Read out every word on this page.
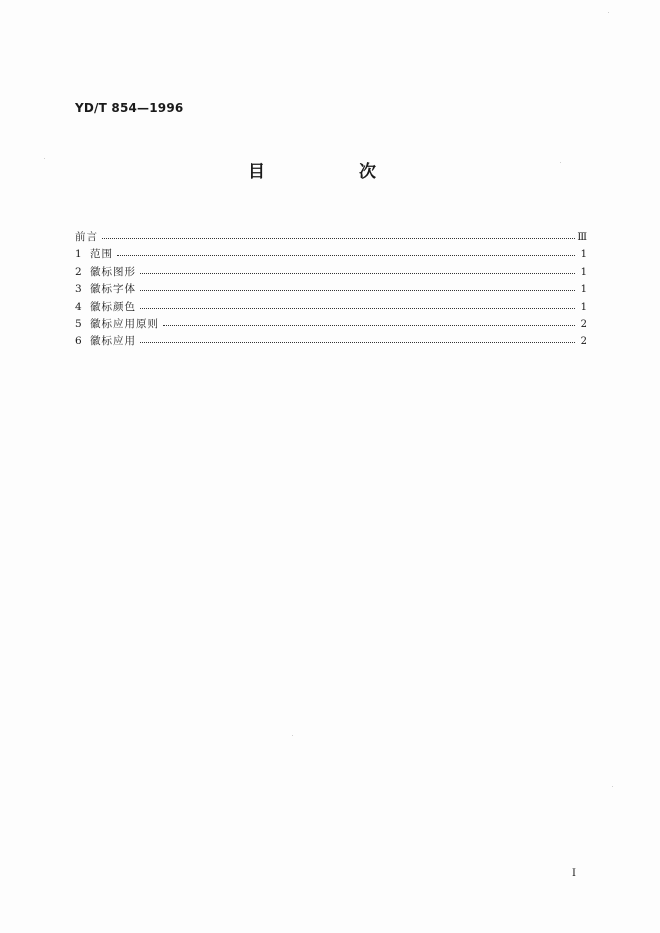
YD/T 854—1996
目 次
前言	Ⅲ
1 范围	1
2 徽标图形	1
3 徽标字体	1
4 徽标颜色	1
5 徽标应用原则	2
6 徽标应用	2
I
